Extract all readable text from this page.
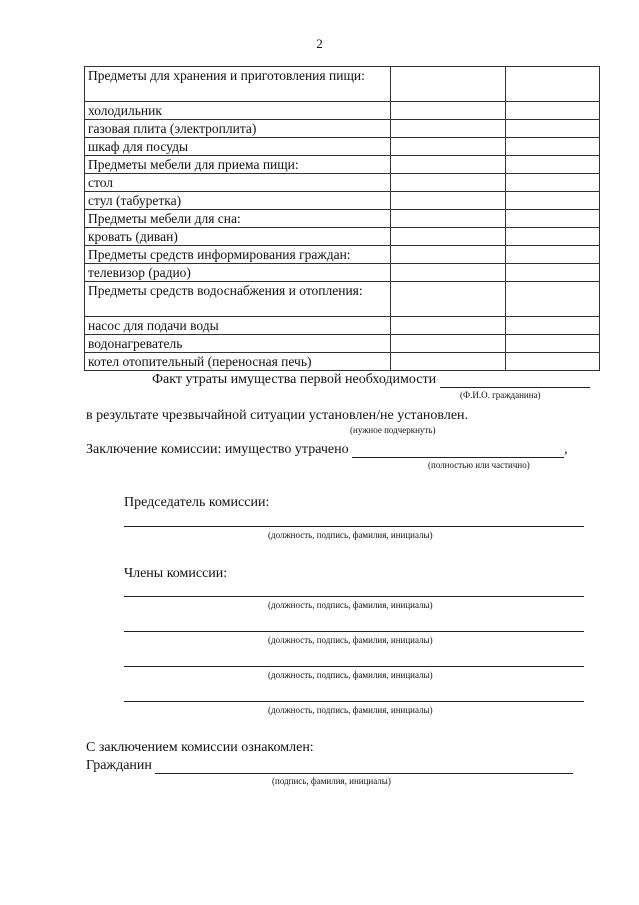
2
Предметы для хранения и приготовления пищи:		
холодильник		
газовая плита (электроплита)		
шкаф для посуды		
Предметы мебели для приема пищи:		
стол		
стул (табуретка)		
Предметы мебели для сна:		
кровать (диван)		
Предметы средств информирования граждан:		
телевизор (радио)		
Предметы средств водоснабжения и отопления:		
насос для подачи воды		
водонагреватель		
котел отопительный (переносная печь)		
Факт утраты имущества первой необходимости
(Ф.И.О. гражданина)
в результате чрезвычайной ситуации установлен/не установлен.
(нужное подчеркнуть)
Заключение комиссии: имущество утрачено	,
(полностью или частично)
Председатель комиссии:
(должность, подпись, фамилия, инициалы)
Члены комиссии:
(должность, подпись, фамилия, инициалы)
(должность, подпись, фамилия, инициалы)
(должность, подпись, фамилия, инициалы)
(должность, подпись, фамилия, инициалы)
С заключением комиссии ознакомлен:
Гражданин
(подпись, фамилия, инициалы)
